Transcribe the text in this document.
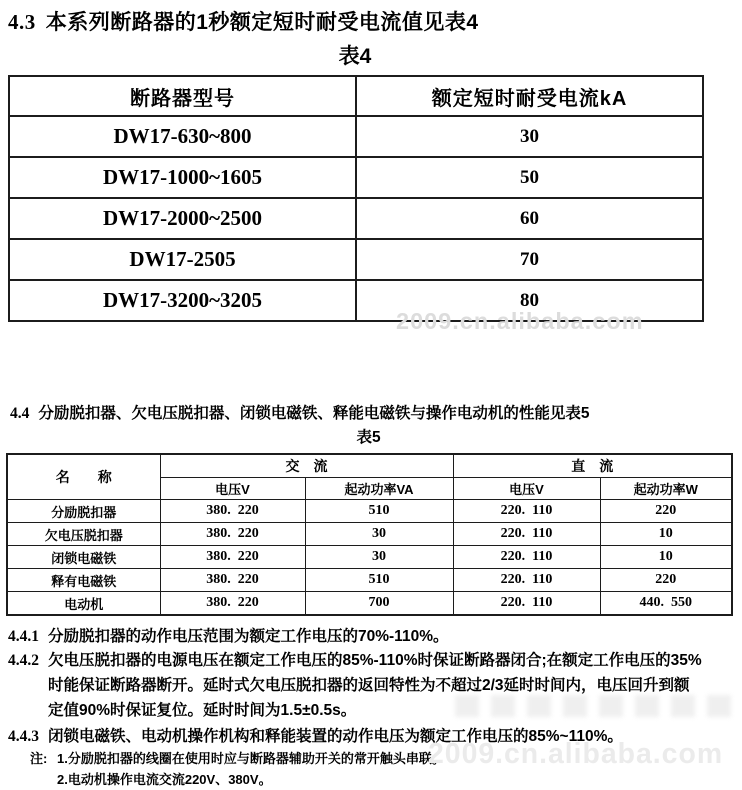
4.3 本系列断路器的1秒额定短时耐受电流值见表4
表4
断路器型号	额定短时耐受电流kA
DW17-630~800	30
DW17-1000~1605	50
DW17-2000~2500	60
DW17-2505	70
DW17-3200~3205	80
2009.cn.alibaba.com
4.4 分励脱扣器、欠电压脱扣器、闭锁电磁铁、释能电磁铁与操作电动机的性能见表5
表5
名　　称	交　流		直　流	
	电压V	起动功率VA	电压V	起动功率W
分励脱扣器	380.  220	510	220.  110	220
欠电压脱扣器	380.  220	30	220.  110	10
闭锁电磁铁	380.  220	30	220.  110	10
释有电磁铁	380.  220	510	220.  110	220
电动机	380.  220	700	220.  110	440.  550
4.4.1 分励脱扣器的动作电压范围为额定工作电压的70%-110%。
4.4.2 欠电压脱扣器的电源电压在额定工作电压的85%-110%时保证断路器闭合;在额定工作电压的35%
时能保证断路器断开。延时式欠电压脱扣器的返回特性为不超过2/3延时时间内，电压回升到额
定值90%时保证复位。延时时间为1.5±0.5s。
4.4.3 闭锁电磁铁、电动机操作机构和释能装置的动作电压为额定工作电压的85%~110%。
注: 1.分励脱扣器的线圈在使用时应与断路器辅助开关的常开触头串联。
2.电动机操作电流交流220V、380V。
2009.cn.alibaba.com
